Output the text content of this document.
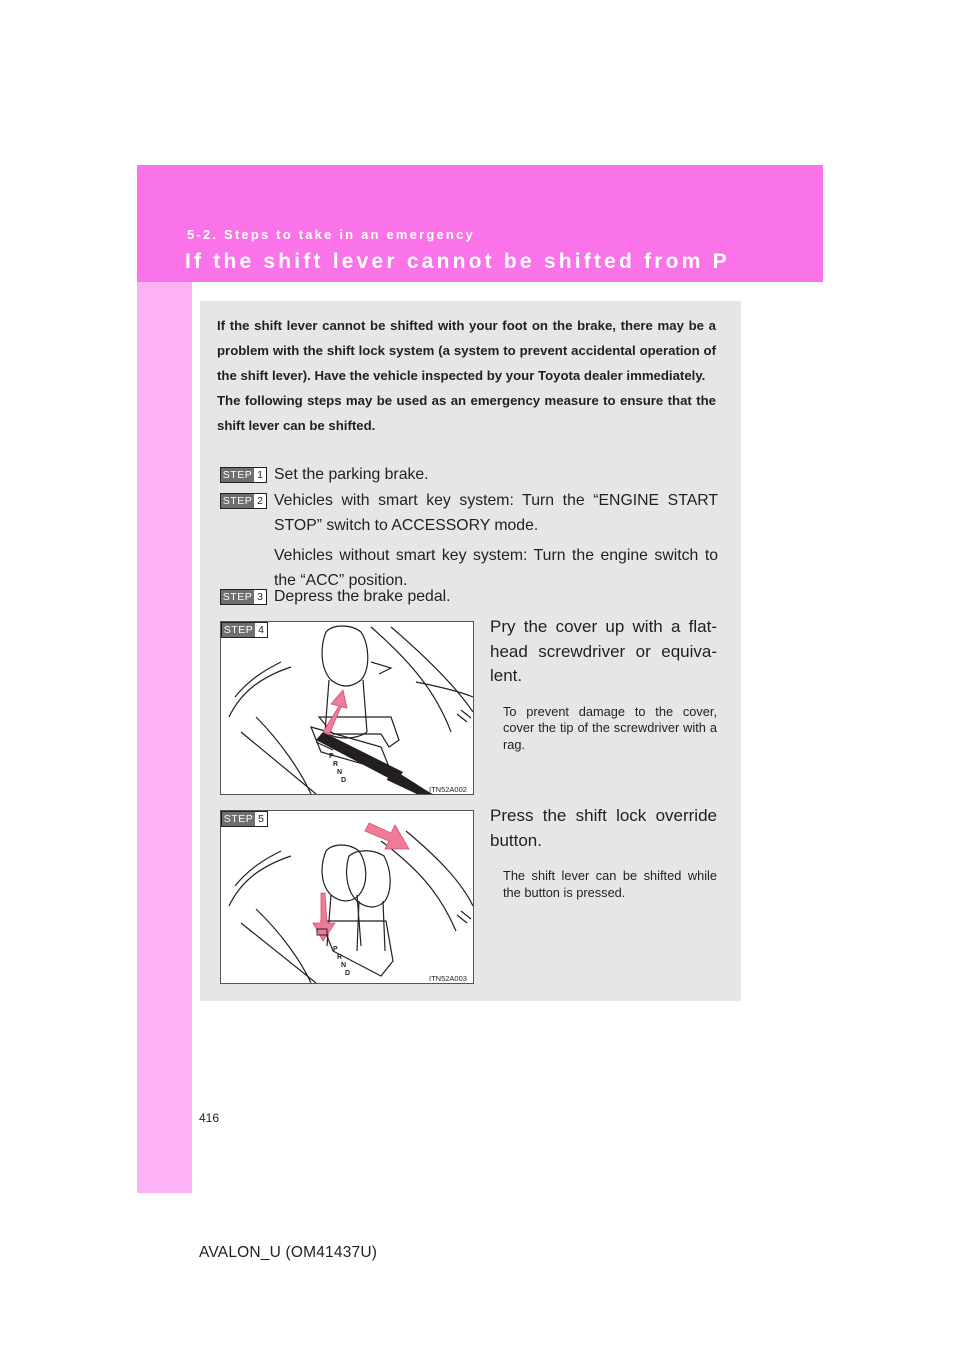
5-2. Steps to take in an emergency
If the shift lever cannot be shifted from P

If the shift lever cannot be shifted with your foot on the brake, there may be a problem with the shift lock system (a system to prevent accidental operation of the shift lever). Have the vehicle inspected by your Toyota dealer immediately.

The following steps may be used as an emergency measure to ensure that the shift lever can be shifted.

STEP 1 Set the parking brake.

STEP 2 Vehicles with smart key system: Turn the “ENGINE START STOP” switch to ACCESSORY mode.

Vehicles without smart key system: Turn the engine switch to the “ACC” position.

STEP 3 Depress the brake pedal.

P
R
N
D
STEP 4
ITN52A002

Pry the cover up with a flat-head screwdriver or equiva-lent.

To prevent damage to the cover, cover the tip of the screwdriver with a rag.

P
R
N
D
STEP 5
ITN52A003

Press the shift lock override button.

The shift lever can be shifted while the button is pressed.

416
AVALON_U (OM41437U)
